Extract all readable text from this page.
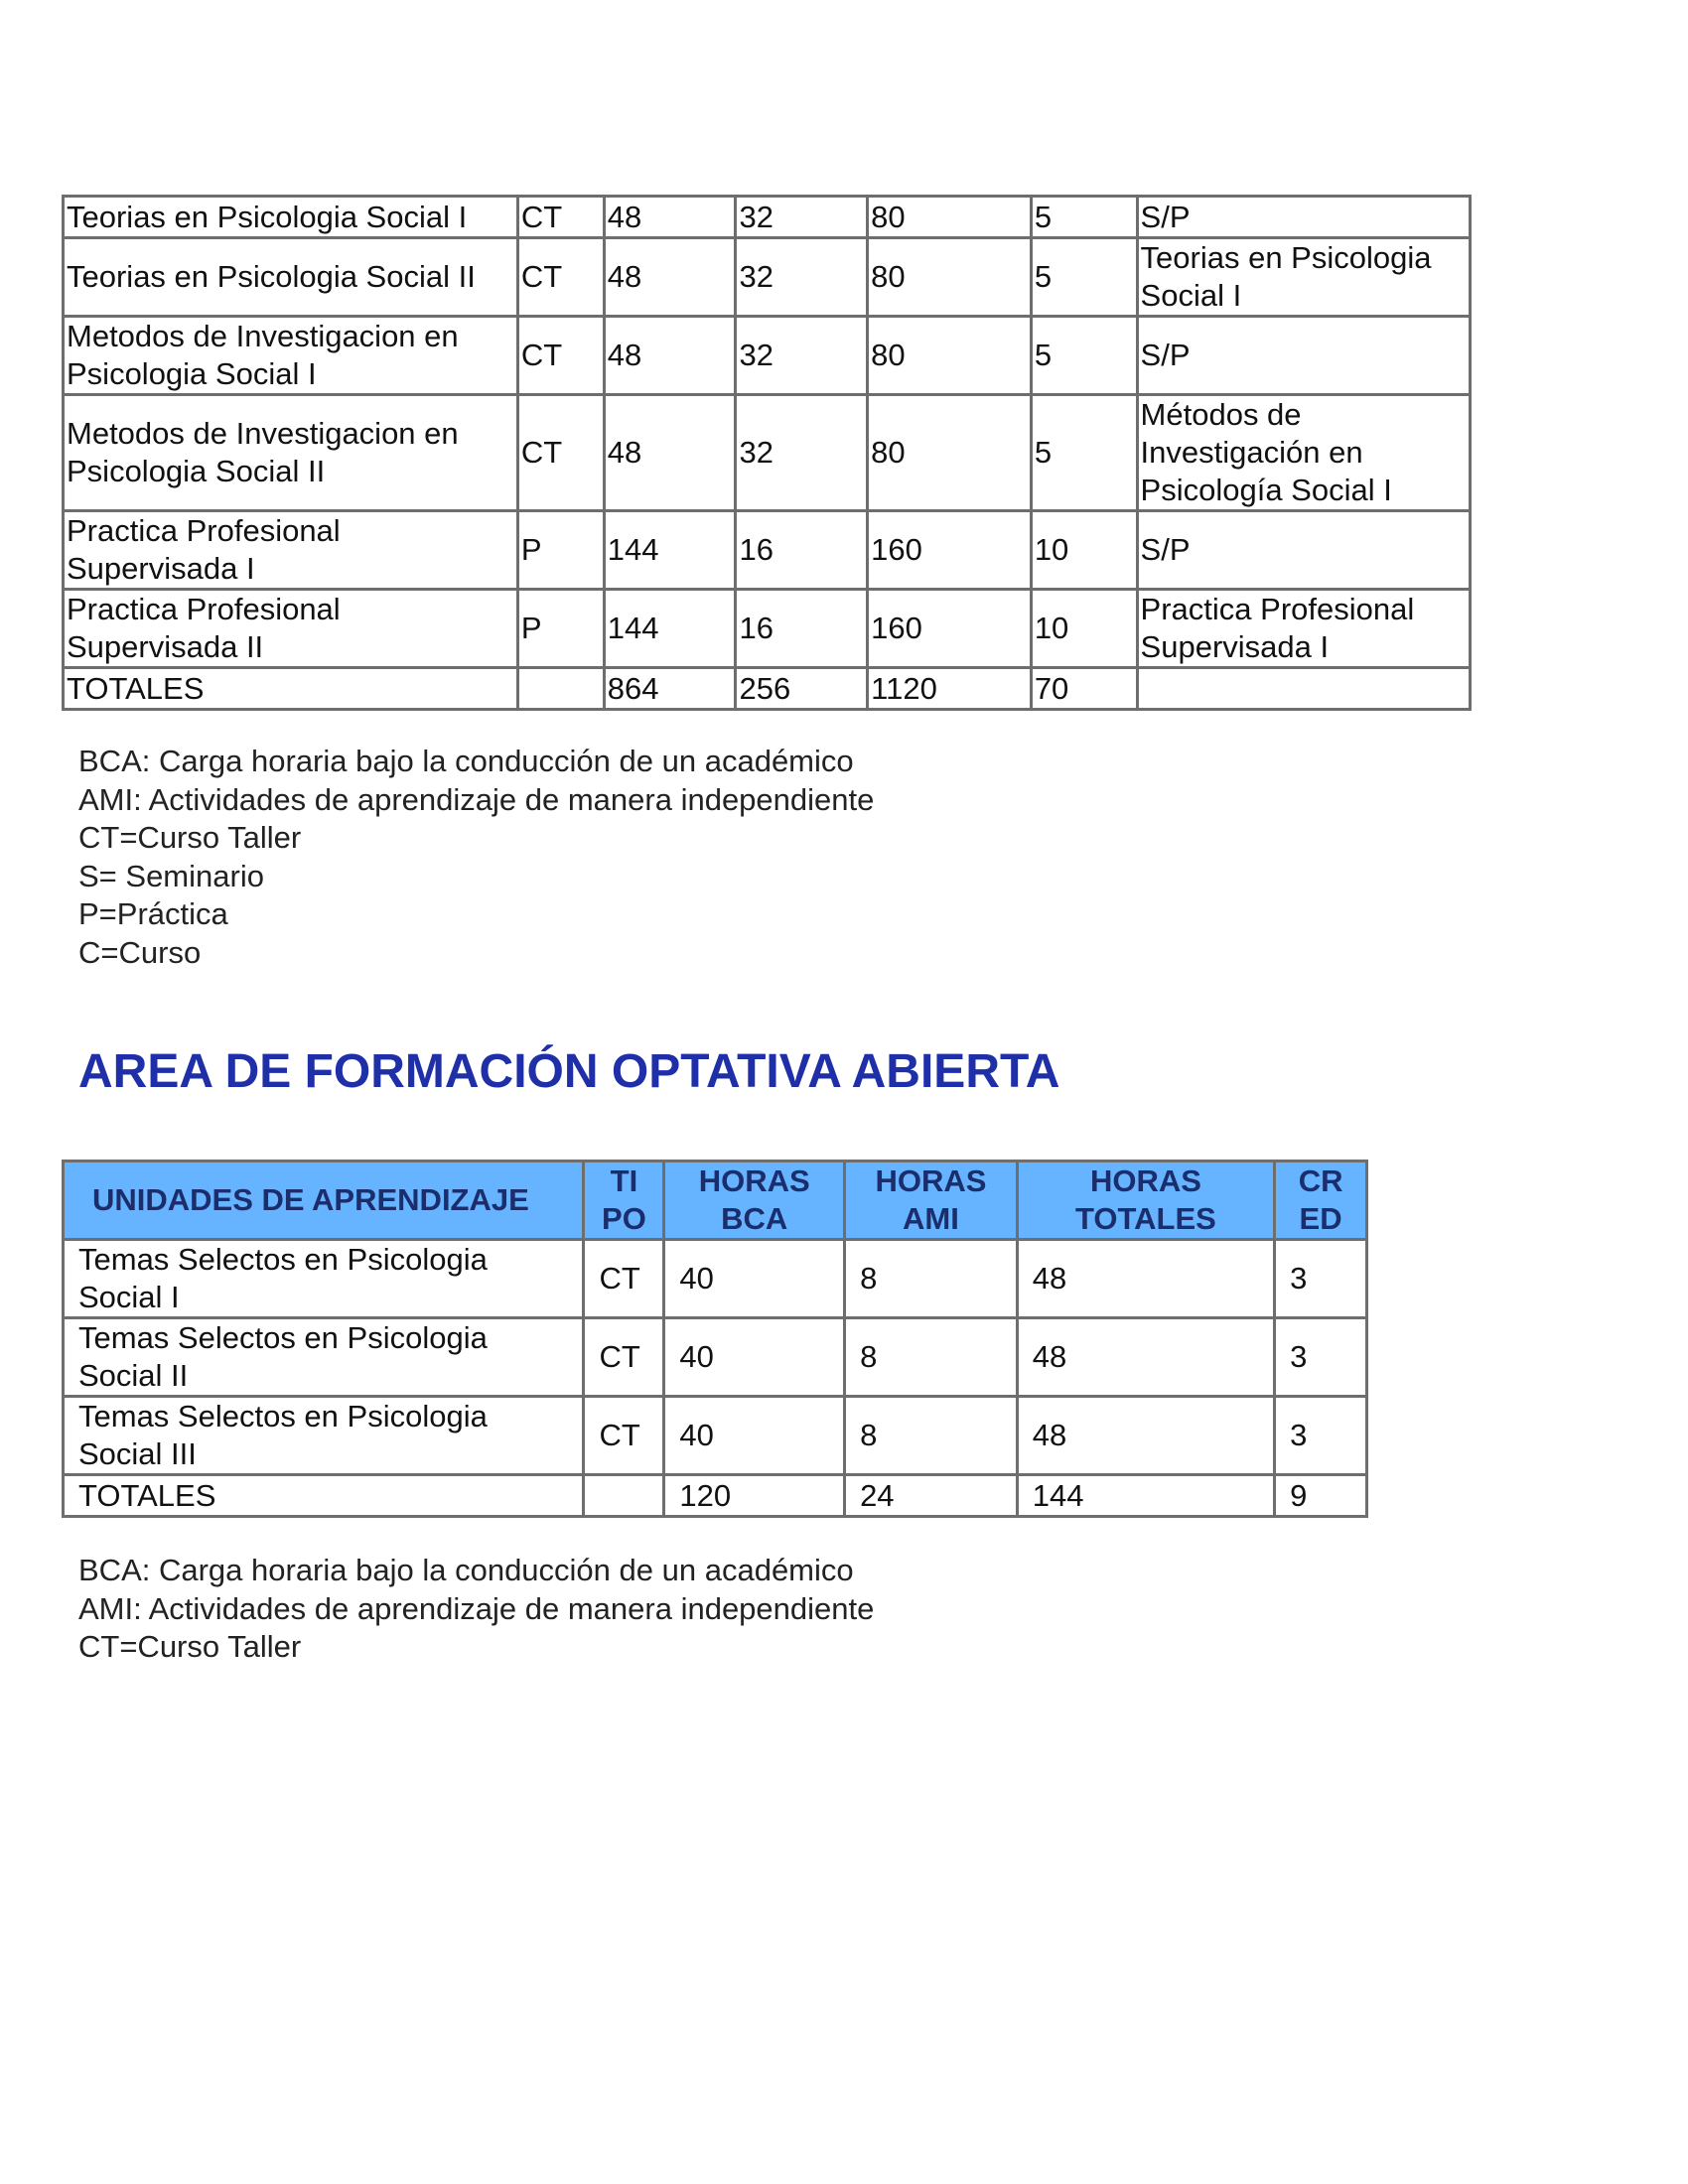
Teorias en Psicologia Social I	CT	48	32	80	5	S/P
Teorias en Psicologia Social II	CT	48	32	80	5	Teorias en Psicologia Social I
Metodos de Investigacion en Psicologia Social I	CT	48	32	80	5	S/P
Metodos de Investigacion en Psicologia Social II	CT	48	32	80	5	Métodos de Investigación en Psicología Social I
Practica Profesional Supervisada I	P	144	16	160	10	S/P
Practica Profesional Supervisada II	P	144	16	160	10	Practica Profesional Supervisada I
TOTALES		864	256	1120	70	
BCA: Carga horaria bajo la conducción de un académico
AMI: Actividades de aprendizaje de manera independiente
CT=Curso Taller
S= Seminario
P=Práctica
C=Curso
AREA DE FORMACIÓN OPTATIVA ABIERTA
UNIDADES DE APRENDIZAJE	TI PO	HORAS BCA	HORAS AMI	HORAS TOTALES	CR ED
Temas Selectos en Psicologia Social I	CT	40	8	48	3
Temas Selectos en Psicologia Social II	CT	40	8	48	3
Temas Selectos en Psicologia Social III	CT	40	8	48	3
TOTALES		120	24	144	9
BCA: Carga horaria bajo la conducción de un académico
AMI: Actividades de aprendizaje de manera independiente
CT=Curso Taller
